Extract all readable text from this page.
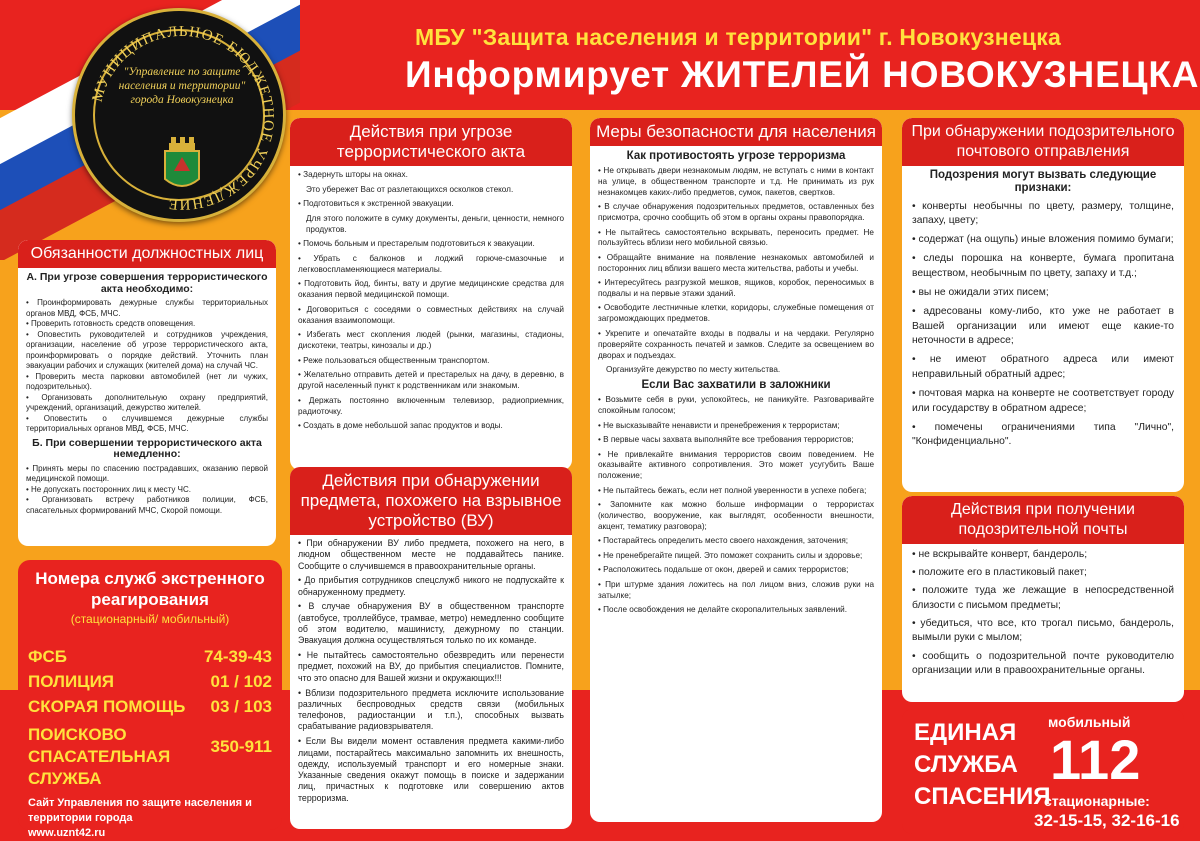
МУНИЦИПАЛЬНОЕ БЮДЖЕТНОЕ УЧРЕЖДЕНИЕ
"Управление по защите населения и территории" города Новокузнецка
МБУ "Защита населения и территории" г. Новокузнецка
Информирует ЖИТЕЛЕЙ НОВОКУЗНЕЦКА
Обязанности должностных лиц

А. При угрозе совершения террористического акта необходимо:

• Проинформировать дежурные службы территориальных органов МВД, ФСБ, МЧС.

• Проверить готовность средств оповещения.

• Оповестить руководителей и сотрудников учреждения, организации, население об угрозе террористического акта, проинформировать о порядке действий. Уточнить план эвакуации рабочих и служащих (жителей дома) на случай ЧС.

• Проверить места парковки автомобилей (нет ли чужих, подозрительных).

• Организовать дополнительную охрану предприятий, учреждений, организаций, дежурство жителей.

• Оповестить о случившемся дежурные службы территориальных органов МВД, ФСБ, МЧС.

Б. При совершении террористического акта немедленно:

• Принять меры по спасению пострадавших, оказанию первой медицинской помощи.

• Не допускать посторонних лиц к месту ЧС.

• Организовать встречу работников полиции, ФСБ, спасательных формирований МЧС, Скорой помощи.

Номера служб экстренного реагирования
(стационарный/ мобильный)
ФСБ	74-39-43
ПОЛИЦИЯ	01 / 102
СКОРАЯ ПОМОЩЬ	03 / 103
ПОИСКОВО СПАСАТЕЛЬНАЯ СЛУЖБА
350-911
Сайт Управления по защите населения и территории города
www.uznt42.ru
Действия при угрозе террористического акта

• Задернуть шторы на окнах.

Это убережет Вас от разлетающихся осколков стекол.

• Подготовиться к экстренной эвакуации.

Для этого положите в сумку документы, деньги, ценности, немного продуктов.

• Помочь больным и престарелым подготовиться к эвакуации.

• Убрать с балконов и лоджий горюче-смазочные и легковоспламеняющиеся материалы.

• Подготовить йод, бинты, вату и другие медицинские средства для оказания первой медицинской помощи.

• Договориться с соседями о совместных действиях на случай оказания взаимопомощи.

• Избегать мест скопления людей (рынки, магазины, стадионы, дискотеки, театры, кинозалы и др.)

• Реже пользоваться общественным транспортом.

• Желательно отправить детей и престарелых на дачу, в деревню, в другой населенный пункт к родственникам или знакомым.

• Держать постоянно включенным телевизор, радиоприемник, радиоточку.

• Создать в доме небольшой запас продуктов и воды.

Действия при обнаружении предмета, похожего на взрывное устройство (ВУ)

• При обнаружении ВУ либо предмета, похожего на него, в людном общественном месте не поддавайтесь панике. Сообщите о случившемся в правоохранительные органы.

• До прибытия сотрудников спецслужб никого не подпускайте к обнаруженному предмету.

• В случае обнаружения ВУ в общественном транспорте (автобусе, троллейбусе, трамвае, метро) немедленно сообщите об этом водителю, машинисту, дежурному по станции. Эвакуация должна осуществляться только по их команде.

• Не пытайтесь самостоятельно обезвредить или перенести предмет, похожий на ВУ, до прибытия специалистов. Помните, что это опасно для Вашей жизни и окружающих!!!

• Вблизи подозрительного предмета исключите использование различных беспроводных средств связи (мобильных телефонов, радиостанции и т.п.), способных вызвать срабатывание радиовзрывателя.

• Если Вы видели момент оставления предмета какими-либо лицами, постарайтесь максимально запомнить их внешность, одежду, используемый транспорт и его номерные знаки. Указанные сведения окажут помощь в поиске и задержании лиц, причастных к подготовке или совершению актов терроризма.

Меры безопасности для населения

Как противостоять угрозе терроризма

• Не открывать двери незнакомым людям, не вступать с ними в контакт на улице, в общественном транспорте и т.д. Не принимать из рук незнакомцев каких-либо предметов, сумок, пакетов, свертков.

• В случае обнаружения подозрительных предметов, оставленных без присмотра, срочно сообщить об этом в органы охраны правопорядка.

• Не пытайтесь самостоятельно вскрывать, переносить предмет. Не пользуйтесь вблизи него мобильной связью.

• Обращайте внимание на появление незнакомых автомобилей и посторонних лиц вблизи вашего места жительства, работы и учебы.

• Интересуйтесь разгрузкой мешков, ящиков, коробок, переносимых в подвалы и на первые этажи зданий.

• Освободите лестничные клетки, коридоры, служебные помещения от загромождающих предметов.

• Укрепите и опечатайте входы в подвалы и на чердаки. Регулярно проверяйте сохранность печатей и замков. Следите за освещением во дворах и подъездах.

Организуйте дежурство по месту жительства.

Если Вас захватили в заложники

• Возьмите себя в руки, успокойтесь, не паникуйте. Разговаривайте спокойным голосом;

• Не высказывайте ненависти и пренебрежения к террористам;

• В первые часы захвата выполняйте все требования террористов;

• Не привлекайте внимания террористов своим поведением. Не оказывайте активного сопротивления. Это может усугубить Ваше положение;

• Не пытайтесь бежать, если нет полной уверенности в успехе побега;

• Запомните как можно больше информации о террористах (количество, вооружение, как выглядят, особенности внешности, акцент, тематику разговора);

• Постарайтесь определить место своего нахождения, заточения;

• Не пренебрегайте пищей. Это поможет сохранить силы и здоровье;

• Расположитесь подальше от окон, дверей и самих террористов;

• При штурме здания ложитесь на пол лицом вниз, сложив руки на затылке;

• После освобождения не делайте скоропалительных заявлений.

При обнаружении подозрительного почтового отправления

Подозрения могут вызвать следующие признаки:

• конверты необычны по цвету, размеру, толщине, запаху, цвету;

• содержат (на ощупь) иные вложения помимо бумаги;

• следы порошка на конверте, бумага пропитана веществом, необычным по цвету, запаху и т.д.;

• вы не ожидали этих писем;

• адресованы кому-либо, кто уже не работает в Вашей организации или имеют еще какие-то неточности в адресе;

• не имеют обратного адреса или имеют неправильный обратный адрес;

• почтовая марка на конверте не соответствует городу или государству в обратном адресе;

• помечены ограничениями типа "Лично", "Конфиденциально".

Действия при получении подозрительной почты

• не вскрывайте конверт, бандероль;

• положите его в пластиковый пакет;

• положите туда же лежащие в непосредственной близости с письмом предметы;

• убедиться, что все, кто трогал письмо, бандероль, вымыли руки с мылом;

• сообщить о подозрительной почте руководителю организации или в правоохранительные органы.

ЕДИНАЯ СЛУЖБА СПАСЕНИЯ
мобильный
112
стационарные:
32-15-15, 32-16-16
